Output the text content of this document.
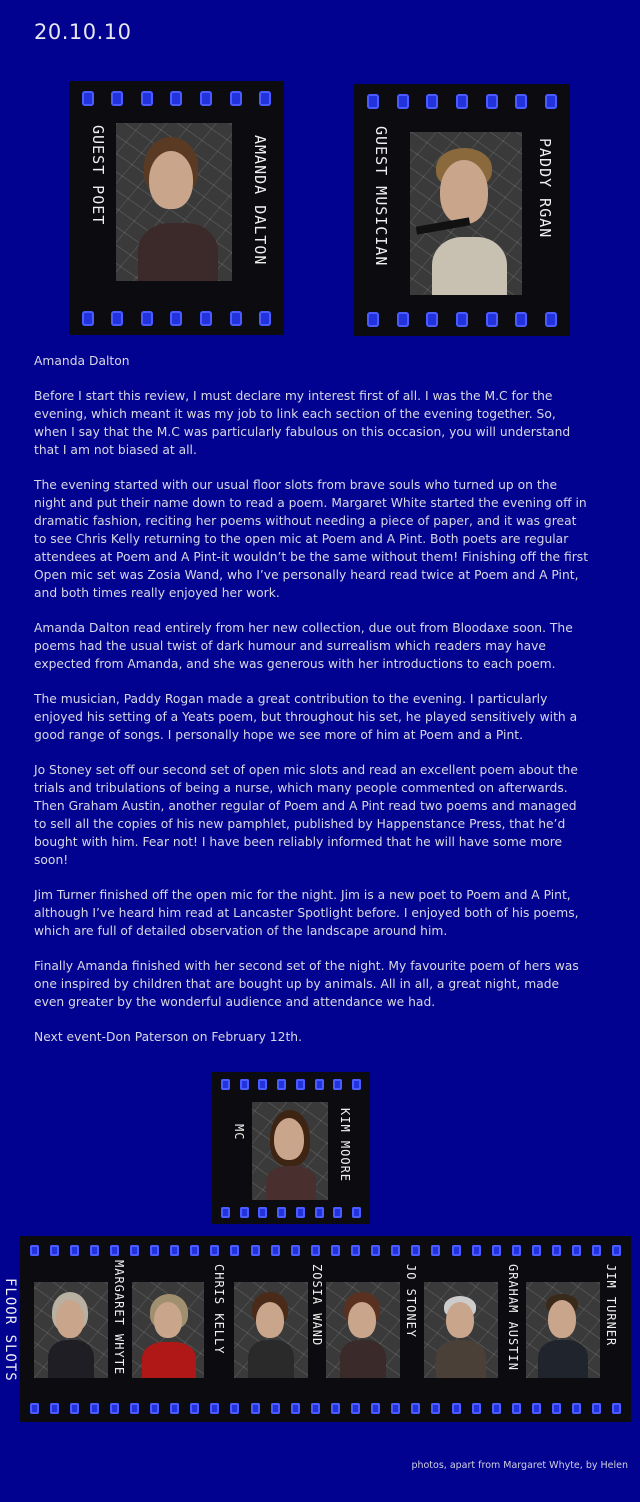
20.10.10
GUEST POET	AMANDA DALTON	GUEST MUSICIAN	PADDY RGAN

Amanda Dalton

Before I start this review, I must declare my interest first of all. I was the M.C for the evening, which meant it was my job to link each section of the evening together. So, when I say that the M.C was particularly fabulous on this occasion, you will understand that I am not biased at all.

The evening started with our usual floor slots from brave souls who turned up on the night and put their name down to read a poem. Margaret White started the evening off in dramatic fashion, reciting her poems without needing a piece of paper, and it was great to see Chris Kelly returning to the open mic at Poem and A Pint. Both poets are regular attendees at Poem and A Pint-it wouldn’t be the same without them! Finishing off the first Open mic set was Zosia Wand, who I’ve personally heard read twice at Poem and A Pint, and both times really enjoyed her work.

Amanda Dalton read entirely from her new collection, due out from Bloodaxe soon. The poems had the usual twist of dark humour and surrealism which readers may have expected from Amanda, and she was generous with her introductions to each poem.

The musician, Paddy Rogan made a great contribution to the evening. I particularly enjoyed his setting of a Yeats poem, but throughout his set, he played sensitively with a good range of songs. I personally hope we see more of him at Poem and a Pint.

Jo Stoney set off our second set of open mic slots and read an excellent poem about the trials and tribulations of being a nurse, which many people commented on afterwards. Then Graham Austin, another regular of Poem and A Pint read two poems and managed to sell all the copies of his new pamphlet, published by Happenstance Press, that he’d bought with him. Fear not! I have been reliably informed that he will have some more soon!

Jim Turner finished off the open mic for the night. Jim is a new poet to Poem and A Pint, although I’ve heard him read at Lancaster Spotlight before. I enjoyed both of his poems, which are full of detailed observation of the landscape around him.

Finally Amanda finished with her second set of the night. My favourite poem of hers was one inspired by children that are bought up by animals. All in all, a great night, made even greater by the wonderful audience and attendance we had.

Next event-Don Paterson on February 12th.

MC	KIM MOORE
MARGARET WHYTE	CHRIS KELLY	ZOSIA WAND	JO STONEY	GRAHAM AUSTIN	JIM TURNER
FLOOR SLOTS
photos, apart from Margaret Whyte, by Helen
